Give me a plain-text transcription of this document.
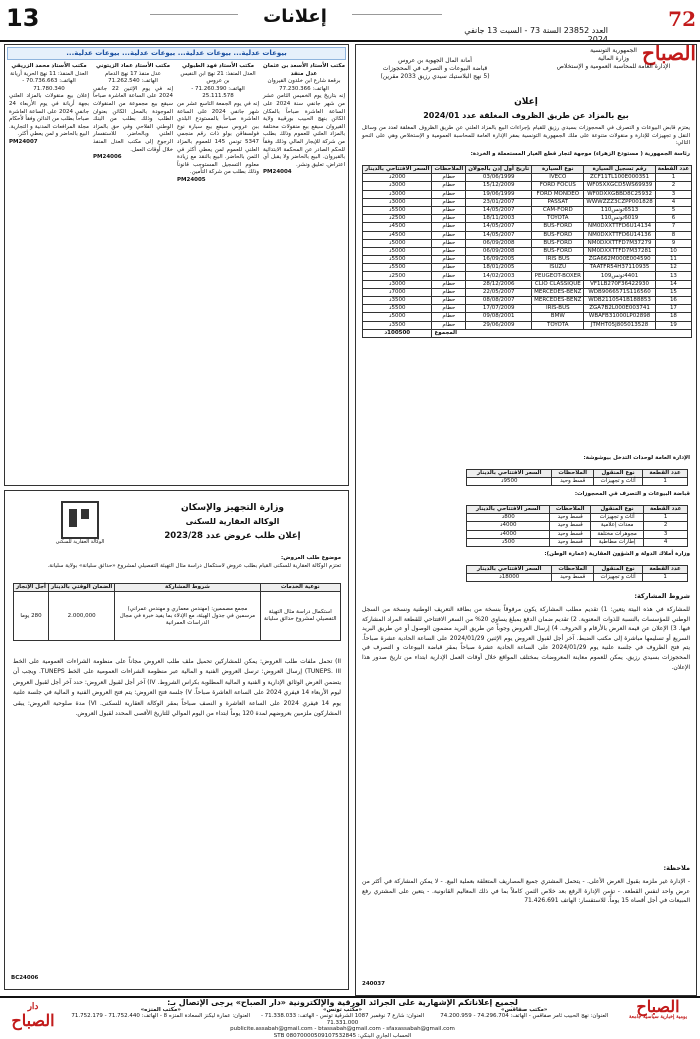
13	إعلانات
العدد 23852 السنة 73 - السبت 13 جانفي 2024
72 الصباح
أمانة المال الجهوية بن عروس
قباضة البيوعات و التصرف في المحجوزات
(5 نهج البلاستيك سيدي رزيق 2033 مقرين)
الجمهورية التونسية
وزارة المالية
الإدارة العامة للمحاسبة العمومية و الإستخلاص
إعلان
بيع بالمزاد عن طريق الظروف المغلقة عدد 2024/01
يعتزم قابض البيوعات و التصرف في المحجوزات بسيدي رزيق للقيام بإجراءات البيع بالمزاد العلني عن طريق الظروف المغلقة لعدد من وسائل النقل و تجهيزات للإدارة و منقولات متنوعة على ملك الجمهورية التونسية بمقر الإدارة العامة للمحاسبة العمومية و الإستخلاص وهي على النحو التالي:
رئاسة الجمهورية ( مستودع الزهراء) موجهة لتجار قطع الغيار المستعملة و الخردة:
عدد القطعة	رقم تسجيل السيارة	نوع السيارة	تاريخ أول إذن بالجولان	الملاحظات	السعر الافتتاحي بالدينار
1	ZCF11TL100E000351	IVECO	03/06/1999	حطام	2000د
2	WF05XXGCD5WS69939	FORD FOCUS	15/12/2009	حطام	3000د
3	WF0DXXGBBD8C25932	FORD MONDEO	19/06/1999	حطام	3000د
4	WWWZZZ3CZPP001828	PASSAT	23/01/2007	حطام	3000د
5	6513تونس110	CAM-FORD	14/05/2007	حطام	5500د
6	6019تونس110	TOYOTA	18/11/2003	حطام	2500د
7	NM0DXXTTFD6U14134	BUS-FORD	14/05/2007	حطام	4500د
8	NM0DXXTTFD6U14136	BUS-FORD	14/05/2007	حطام	4500د
9	NM0DXXTTFD7M37279	BUS-FORD	06/09/2008	حطام	5000د
10	NM0DXXTTFD7M37281	BUS-FORD	06/09/2008	حطام	5000د
11	ZGA662M000E004590	IRIS BUS	16/09/2005	حطام	5500د
12	TAATFR54H37110935	ISUZU	18/01/2005	حطام	5500د
13	4401تونس109	PEUGEOT-BOXER	14/02/2003	حطام	2500د
14	VF1LB270F36422930	CLIO CLASSIQUE	28/12/2006	حطام	3000د
15	WDB9066571S116560	MERCEDES-BENZ	22/05/2007	حطام	7000د
16	WDB2110541B188853	MERCEDES-BENZ	08/08/2007	حطام	3500د
17	ZGA7B2L000E003741	IRIS-BUS	17/07/2009	حطام	5500د
18	WBAFB31000LP02898	BMW	09/08/2001	حطام	5000د
19	JTMHT05J805013528	TOYOTA	29/06/2009	حطام	3500د
المجموع					100500د
الإدارة العامة لوحدات التدخل بيوشوشة:
عدد القطعة	نوع المنقول	الملاحظات	السعر الافتتاحي بالدينار
1	أثاث و تجهيزات	قسط وحيد	9500د
قباضة البيوعات و التصرف في المحجوزات:
عدد القطعة	نوع المنقول	الملاحظات	السعر الافتتاحي بالدينار
1	أثاث و تجهيزات	قسط وحيد	800د
2	معدات إعلامية	قسط وحيد	4000د
3	مجوهرات مختلفة	قسط وحيد	4000د
4	إطارات مطاطية	قسط وحيد	500د
وزارة أملاك الدولة و الشؤون العقارية (عمارة الوطن):
عدد القطعة	نوع المنقول	الملاحظات	السعر الافتتاحي بالدينار
1	أثاث و تجهيزات	قسط وحيد	18000د
شروط المشاركة:
للمشاركة في هذه البيتة يتعين: 1) تقديم مطلب المشاركة يكون مرفوقاً بنسخة من بطاقة التعريف الوطنية ونسخة من السجل الوطني للمؤسسات بالنسبة للذوات المعنوية. 2) تقديم ضمان الدفع بمبلغ يساوي 20% من السعر الافتتاحي للقطعة المراد المشاركة فيها. 3) الإعلان عن قيمة العرض بالأرقام و الحروف. 4) إرسال العروض وجوباً عن طريق البريد مضمون الوصول أو عن طريق البريد السريع أو تسليمها مباشرة إلى مكتب الضبط. آخر أجل لقبول العروض يوم الإثنين 2024/01/29 على الساعة الحادية عشرة صباحاً. يتم فتح الظروف في جلسة علنية يوم 2024/01/29 على الساعة الحادية عشرة صباحاً بمقر قباضة البيوعات و التصرف في المحجوزات بسيدي رزيق. يمكن للعموم معاينة المعروضات بمختلف المواقع خلال أوقات العمل الإدارية ابتداء من تاريخ صدور هذا الإعلان.
ملاحظة:
- الإدارة غير ملزمة بقبول العرض الأعلى. - يتحمل المشتري جميع المصاريف المتعلقة بعملية البيع. - لا يمكن المشاركة في أكثر من عرض واحد لنفس القطعة. - تؤمن الإدارة الرفع بعد خلاص الثمن كاملاً بما في ذلك المعاليم القانونية. - يتعين على المشتري رفع المبيعات في أجل أقصاه 15 يوماً. للاستفسار: الهاتف 71.426.691
240037
بيوعات عدلية... بيوعات عدلية... بيوعات عدلية... بيوعات عدلية...
مكتب الأستاذ الأسعد بن عثمان عدل منفذ
برقعة شارع ابن خلدون القيروان
الهاتف: 77.230.366
إنه بتاريخ يوم الخميس الثامن عشر من شهر جانفي سنة 2024 على الساعة العاشرة صباحاً بالمكان الكائن بنهج الحبيب بورقيبة ولاية القيروان سيقع بيع منقولات مختلفة بالمزاد العلني للعموم وذلك بطلب من شركة للإيجار المالي وذلك وفقاً للحكم الصادر عن المحكمة الابتدائية بالقيروان. البيع بالحاضر ولا يقبل أي اعتراض. تعليق ونشر.
PM24004
مكتب الأستاذ فهد الطبولي
العدل المنفذ: 21 نهج ابن النفيس بن عروس
الهاتف: 71.260.390 - 25.111.578
إنه في يوم الجمعة التاسع عشر من شهر جانفي 2024 على الساعة العاشرة صباحاً بالمستودع البلدي ببن عروس سيقع بيع سيارة نوع فولسفاقن بولو ذات رقم منجمي 5347 تونس 145 للعموم بالمزاد العلني للعموم لمن يعطي أكثر في الثمن بالحاضر. البيع بالنقد مع زيادة معلوم التسجيل المستوجب قانوناً وذلك بطلب من شركة التأمين.
PM24005
مكتب الأستاذ عماد الزيتوني
عدل منفذ 17 نهج الدمام
الهاتف: 71.262.540
إنه في يوم الإثنين 22 جانفي 2024 على الساعة العاشرة صباحاً سيقع بيع مجموعة من المنقولات الموجودة بالمحل الكائن بعنوان الطلب وذلك بطلب من البنك الوطني الفلاحي وفي حق بالمزاد العلني وبالحاضر. للاستفسار الرجوع إلى مكتب العدل المنفذ خلال أوقات العمل.
PM24006
مكتب الأستاذ محمد الزريقي
العدل المنفذ: 11 نهج الحرية أريانة
الهاتف: 70.736.663 - 71.780.340
إعلان بيع منقولات بالمزاد العلني بجهة أريانة في يوم الأربعاء 24 جانفي 2024 على الساعة العاشرة صباحاً بطلب من الدائن وفقاً لأحكام مجلة المرافعات المدنية و التجارية. البيع بالحاضر و لمن يعطي أكثر.
PM24007
الوكالة العقارية للسكنى
وزارة التجهيز والإسكان
الوكالة العقارية للسكنى
إعلان طلب عروض عدد 2023/28
موضوع طلب العروض:
تعتزم الوكالة العقارية للسكنى القيام بطلب عروض لاستكمال دراسة مثال التهيئة التفصيلي لمشروع «حدائق سليانة» بولاية سليانة.
نوعية الخدمات	شروط المشاركة	الضمان الوقتي بالدينار	أجل الإنجاز
استكمال دراسة مثال التهيئة التفصيلي لمشروع حدائق سليانة	مجمع مصممين: (مهندس معماري و مهندس عمراني) مرسمين في جدول الهيئة، مع الإدلاء بما يفيد خبرة في مجال الدراسات العمرانية	2.000,000	280 يوما
II) تحمل ملفات طلب العروض: يمكن للمشاركين تحميل ملف طلب العروض مجاناً على منظومة الشراءات العمومية على الخط TUNEPS. III) إرسال العروض: ترسل العروض الفنية و المالية عبر منظومة الشراءات العمومية على الخط TUNEPS. ويجب أن يتضمن العرض الوثائق الإدارية و الفنية و المالية المطلوبة بكراس الشروط. IV) آخر أجل لقبول العروض: حدد آخر أجل لقبول العروض ليوم الأربعاء 14 فيفري 2024 على الساعة العاشرة صباحاً. V) جلسة فتح العروض: يتم فتح العروض الفنية و المالية في جلسة علنية يوم 14 فيفري 2024 على الساعة العاشرة و النصف صباحاً بمقر الوكالة العقارية للسكنى. VI) مدة صلوحية العروض: يبقى المشاركون ملزمين بعروضهم لمدة 120 يوماً ابتداء من اليوم الموالي للتاريخ الأقصى المحدد لقبول العروض.
BC24006
دار
الصباح
لجميع إعلاناتكم الإشهارية على الجرائد الورقية والإلكترونية «دار الصباح» يرجى الإتصال بـ:
«مكتب صفاقس»
العنوان: نهج الحبيب ثامر صفاقس - الهاتف: 74.296.704 - 74.200.959

«مكتب تونس»
العنوان: شارع 7 نوفمبر 1087 الشرقية تونس - الهاتف: 71.338.033 - 71.331.000

«مكتب المنزه»
العنوان: عمارة ليكنز السعادة المنزه 8 - الهاتف: 71.752.440 - 71.752.179
publicite.assabah@gmail.com - btassabah@gmail.com - sfaxassabah@gmail.com
الحساب الجاري البنكي: 08070000509107532845 STB
الصباح
يومية إخبارية سياسية جامعة
